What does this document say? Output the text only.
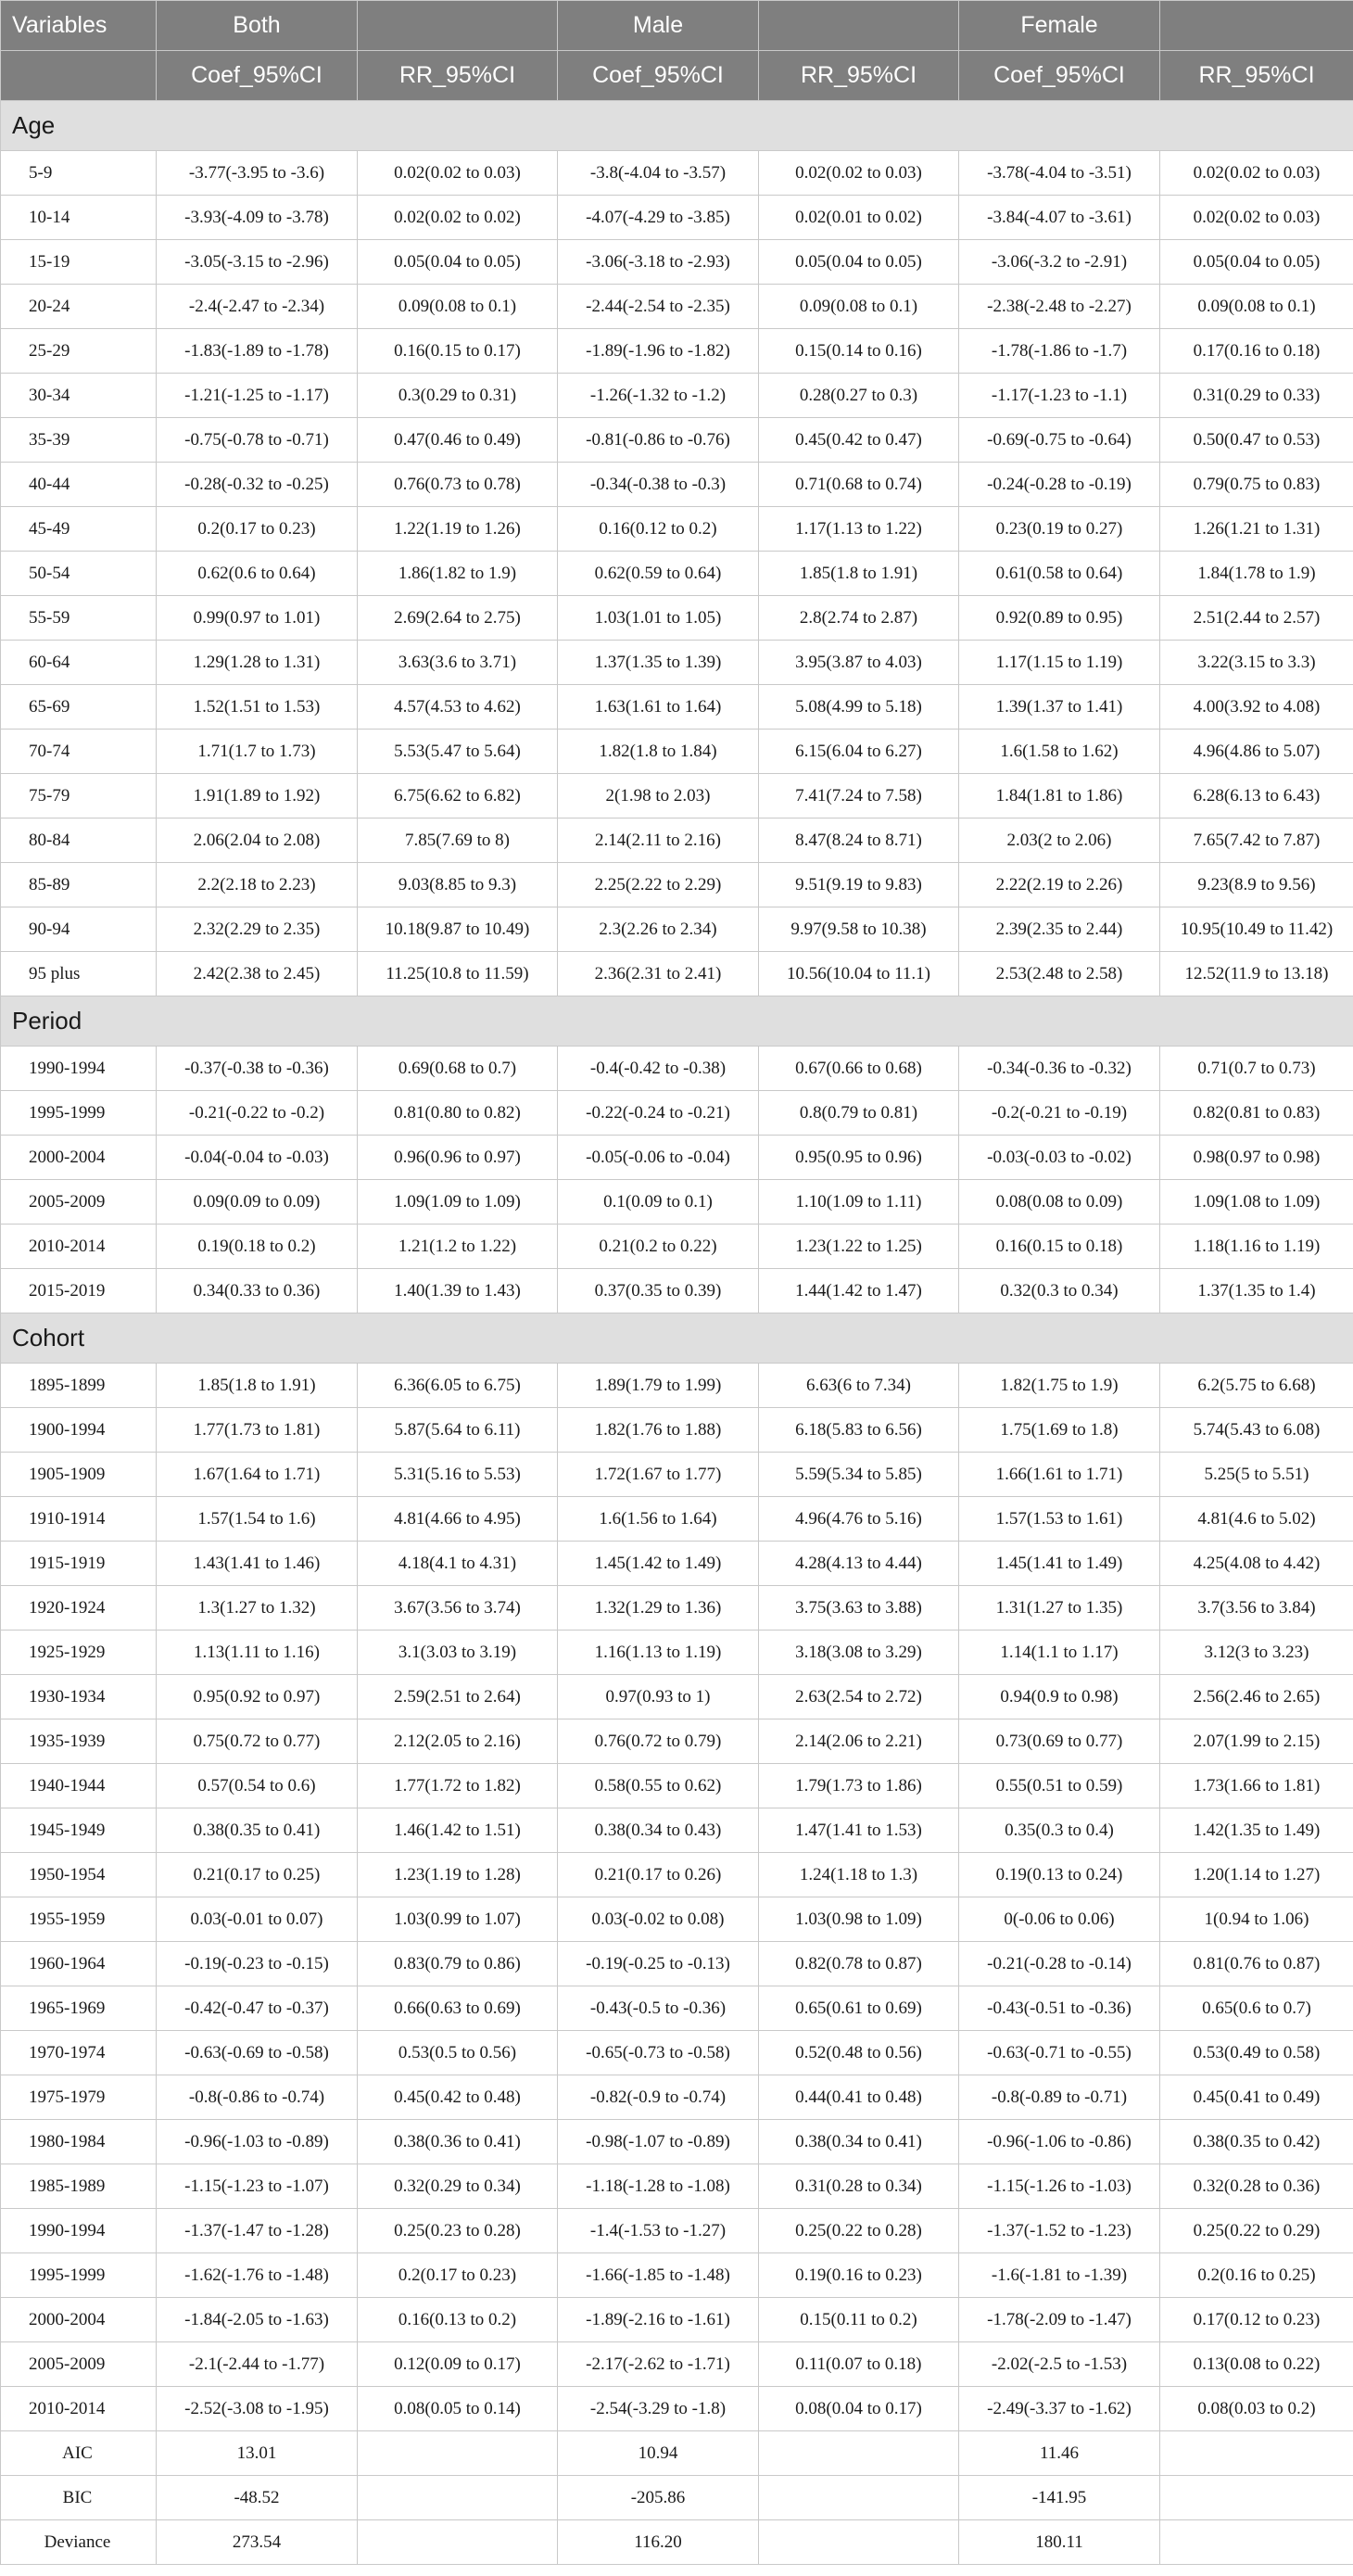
Variables	Both		Male		Female	
	Coef_95%CI	RR_95%CI	Coef_95%CI	RR_95%CI	Coef_95%CI	RR_95%CI
Age						
5-9	-3.77(-3.95 to -3.6)	0.02(0.02 to 0.03)	-3.8(-4.04 to -3.57)	0.02(0.02 to 0.03)	-3.78(-4.04 to -3.51)	0.02(0.02 to 0.03)
10-14	-3.93(-4.09 to -3.78)	0.02(0.02 to 0.02)	-4.07(-4.29 to -3.85)	0.02(0.01 to 0.02)	-3.84(-4.07 to -3.61)	0.02(0.02 to 0.03)
15-19	-3.05(-3.15 to -2.96)	0.05(0.04 to 0.05)	-3.06(-3.18 to -2.93)	0.05(0.04 to 0.05)	-3.06(-3.2 to -2.91)	0.05(0.04 to 0.05)
20-24	-2.4(-2.47 to -2.34)	0.09(0.08 to 0.1)	-2.44(-2.54 to -2.35)	0.09(0.08 to 0.1)	-2.38(-2.48 to -2.27)	0.09(0.08 to 0.1)
25-29	-1.83(-1.89 to -1.78)	0.16(0.15 to 0.17)	-1.89(-1.96 to -1.82)	0.15(0.14 to 0.16)	-1.78(-1.86 to -1.7)	0.17(0.16 to 0.18)
30-34	-1.21(-1.25 to -1.17)	0.3(0.29 to 0.31)	-1.26(-1.32 to -1.2)	0.28(0.27 to 0.3)	-1.17(-1.23 to -1.1)	0.31(0.29 to 0.33)
35-39	-0.75(-0.78 to -0.71)	0.47(0.46 to 0.49)	-0.81(-0.86 to -0.76)	0.45(0.42 to 0.47)	-0.69(-0.75 to -0.64)	0.50(0.47 to 0.53)
40-44	-0.28(-0.32 to -0.25)	0.76(0.73 to 0.78)	-0.34(-0.38 to -0.3)	0.71(0.68 to 0.74)	-0.24(-0.28 to -0.19)	0.79(0.75 to 0.83)
45-49	0.2(0.17 to 0.23)	1.22(1.19 to 1.26)	0.16(0.12 to 0.2)	1.17(1.13 to 1.22)	0.23(0.19 to 0.27)	1.26(1.21 to 1.31)
50-54	0.62(0.6 to 0.64)	1.86(1.82 to 1.9)	0.62(0.59 to 0.64)	1.85(1.8 to 1.91)	0.61(0.58 to 0.64)	1.84(1.78 to 1.9)
55-59	0.99(0.97 to 1.01)	2.69(2.64 to 2.75)	1.03(1.01 to 1.05)	2.8(2.74 to 2.87)	0.92(0.89 to 0.95)	2.51(2.44 to 2.57)
60-64	1.29(1.28 to 1.31)	3.63(3.6 to 3.71)	1.37(1.35 to 1.39)	3.95(3.87 to 4.03)	1.17(1.15 to 1.19)	3.22(3.15 to 3.3)
65-69	1.52(1.51 to 1.53)	4.57(4.53 to 4.62)	1.63(1.61 to 1.64)	5.08(4.99 to 5.18)	1.39(1.37 to 1.41)	4.00(3.92 to 4.08)
70-74	1.71(1.7 to 1.73)	5.53(5.47 to 5.64)	1.82(1.8 to 1.84)	6.15(6.04 to 6.27)	1.6(1.58 to 1.62)	4.96(4.86 to 5.07)
75-79	1.91(1.89 to 1.92)	6.75(6.62 to 6.82)	2(1.98 to 2.03)	7.41(7.24 to 7.58)	1.84(1.81 to 1.86)	6.28(6.13 to 6.43)
80-84	2.06(2.04 to 2.08)	7.85(7.69 to 8)	2.14(2.11 to 2.16)	8.47(8.24 to 8.71)	2.03(2 to 2.06)	7.65(7.42 to 7.87)
85-89	2.2(2.18 to 2.23)	9.03(8.85 to 9.3)	2.25(2.22 to 2.29)	9.51(9.19 to 9.83)	2.22(2.19 to 2.26)	9.23(8.9 to 9.56)
90-94	2.32(2.29 to 2.35)	10.18(9.87 to 10.49)	2.3(2.26 to 2.34)	9.97(9.58 to 10.38)	2.39(2.35 to 2.44)	10.95(10.49 to 11.42)
95 plus	2.42(2.38 to 2.45)	11.25(10.8 to 11.59)	2.36(2.31 to 2.41)	10.56(10.04 to 11.1)	2.53(2.48 to 2.58)	12.52(11.9 to 13.18)
Period						
1990-1994	-0.37(-0.38 to -0.36)	0.69(0.68 to 0.7)	-0.4(-0.42 to -0.38)	0.67(0.66 to 0.68)	-0.34(-0.36 to -0.32)	0.71(0.7 to 0.73)
1995-1999	-0.21(-0.22 to -0.2)	0.81(0.80 to 0.82)	-0.22(-0.24 to -0.21)	0.8(0.79 to 0.81)	-0.2(-0.21 to -0.19)	0.82(0.81 to 0.83)
2000-2004	-0.04(-0.04 to -0.03)	0.96(0.96 to 0.97)	-0.05(-0.06 to -0.04)	0.95(0.95 to 0.96)	-0.03(-0.03 to -0.02)	0.98(0.97 to 0.98)
2005-2009	0.09(0.09 to 0.09)	1.09(1.09 to 1.09)	0.1(0.09 to 0.1)	1.10(1.09 to 1.11)	0.08(0.08 to 0.09)	1.09(1.08 to 1.09)
2010-2014	0.19(0.18 to 0.2)	1.21(1.2 to 1.22)	0.21(0.2 to 0.22)	1.23(1.22 to 1.25)	0.16(0.15 to 0.18)	1.18(1.16 to 1.19)
2015-2019	0.34(0.33 to 0.36)	1.40(1.39 to 1.43)	0.37(0.35 to 0.39)	1.44(1.42 to 1.47)	0.32(0.3 to 0.34)	1.37(1.35 to 1.4)
Cohort						
1895-1899	1.85(1.8 to 1.91)	6.36(6.05 to 6.75)	1.89(1.79 to 1.99)	6.63(6 to 7.34)	1.82(1.75 to 1.9)	6.2(5.75 to 6.68)
1900-1994	1.77(1.73 to 1.81)	5.87(5.64 to 6.11)	1.82(1.76 to 1.88)	6.18(5.83 to 6.56)	1.75(1.69 to 1.8)	5.74(5.43 to 6.08)
1905-1909	1.67(1.64 to 1.71)	5.31(5.16 to 5.53)	1.72(1.67 to 1.77)	5.59(5.34 to 5.85)	1.66(1.61 to 1.71)	5.25(5 to 5.51)
1910-1914	1.57(1.54 to 1.6)	4.81(4.66 to 4.95)	1.6(1.56 to 1.64)	4.96(4.76 to 5.16)	1.57(1.53 to 1.61)	4.81(4.6 to 5.02)
1915-1919	1.43(1.41 to 1.46)	4.18(4.1 to 4.31)	1.45(1.42 to 1.49)	4.28(4.13 to 4.44)	1.45(1.41 to 1.49)	4.25(4.08 to 4.42)
1920-1924	1.3(1.27 to 1.32)	3.67(3.56 to 3.74)	1.32(1.29 to 1.36)	3.75(3.63 to 3.88)	1.31(1.27 to 1.35)	3.7(3.56 to 3.84)
1925-1929	1.13(1.11 to 1.16)	3.1(3.03 to 3.19)	1.16(1.13 to 1.19)	3.18(3.08 to 3.29)	1.14(1.1 to 1.17)	3.12(3 to 3.23)
1930-1934	0.95(0.92 to 0.97)	2.59(2.51 to 2.64)	0.97(0.93 to 1)	2.63(2.54 to 2.72)	0.94(0.9 to 0.98)	2.56(2.46 to 2.65)
1935-1939	0.75(0.72 to 0.77)	2.12(2.05 to 2.16)	0.76(0.72 to 0.79)	2.14(2.06 to 2.21)	0.73(0.69 to 0.77)	2.07(1.99 to 2.15)
1940-1944	0.57(0.54 to 0.6)	1.77(1.72 to 1.82)	0.58(0.55 to 0.62)	1.79(1.73 to 1.86)	0.55(0.51 to 0.59)	1.73(1.66 to 1.81)
1945-1949	0.38(0.35 to 0.41)	1.46(1.42 to 1.51)	0.38(0.34 to 0.43)	1.47(1.41 to 1.53)	0.35(0.3 to 0.4)	1.42(1.35 to 1.49)
1950-1954	0.21(0.17 to 0.25)	1.23(1.19 to 1.28)	0.21(0.17 to 0.26)	1.24(1.18 to 1.3)	0.19(0.13 to 0.24)	1.20(1.14 to 1.27)
1955-1959	0.03(-0.01 to 0.07)	1.03(0.99 to 1.07)	0.03(-0.02 to 0.08)	1.03(0.98 to 1.09)	0(-0.06 to 0.06)	1(0.94 to 1.06)
1960-1964	-0.19(-0.23 to -0.15)	0.83(0.79 to 0.86)	-0.19(-0.25 to -0.13)	0.82(0.78 to 0.87)	-0.21(-0.28 to -0.14)	0.81(0.76 to 0.87)
1965-1969	-0.42(-0.47 to -0.37)	0.66(0.63 to 0.69)	-0.43(-0.5 to -0.36)	0.65(0.61 to 0.69)	-0.43(-0.51 to -0.36)	0.65(0.6 to 0.7)
1970-1974	-0.63(-0.69 to -0.58)	0.53(0.5 to 0.56)	-0.65(-0.73 to -0.58)	0.52(0.48 to 0.56)	-0.63(-0.71 to -0.55)	0.53(0.49 to 0.58)
1975-1979	-0.8(-0.86 to -0.74)	0.45(0.42 to 0.48)	-0.82(-0.9 to -0.74)	0.44(0.41 to 0.48)	-0.8(-0.89 to -0.71)	0.45(0.41 to 0.49)
1980-1984	-0.96(-1.03 to -0.89)	0.38(0.36 to 0.41)	-0.98(-1.07 to -0.89)	0.38(0.34 to 0.41)	-0.96(-1.06 to -0.86)	0.38(0.35 to 0.42)
1985-1989	-1.15(-1.23 to -1.07)	0.32(0.29 to 0.34)	-1.18(-1.28 to -1.08)	0.31(0.28 to 0.34)	-1.15(-1.26 to -1.03)	0.32(0.28 to 0.36)
1990-1994	-1.37(-1.47 to -1.28)	0.25(0.23 to 0.28)	-1.4(-1.53 to -1.27)	0.25(0.22 to 0.28)	-1.37(-1.52 to -1.23)	0.25(0.22 to 0.29)
1995-1999	-1.62(-1.76 to -1.48)	0.2(0.17 to 0.23)	-1.66(-1.85 to -1.48)	0.19(0.16 to 0.23)	-1.6(-1.81 to -1.39)	0.2(0.16 to 0.25)
2000-2004	-1.84(-2.05 to -1.63)	0.16(0.13 to 0.2)	-1.89(-2.16 to -1.61)	0.15(0.11 to 0.2)	-1.78(-2.09 to -1.47)	0.17(0.12 to 0.23)
2005-2009	-2.1(-2.44 to -1.77)	0.12(0.09 to 0.17)	-2.17(-2.62 to -1.71)	0.11(0.07 to 0.18)	-2.02(-2.5 to -1.53)	0.13(0.08 to 0.22)
2010-2014	-2.52(-3.08 to -1.95)	0.08(0.05 to 0.14)	-2.54(-3.29 to -1.8)	0.08(0.04 to 0.17)	-2.49(-3.37 to -1.62)	0.08(0.03 to 0.2)
AIC	13.01		10.94		11.46	
BIC	-48.52		-205.86		-141.95	
Deviance	273.54		116.20		180.11	
